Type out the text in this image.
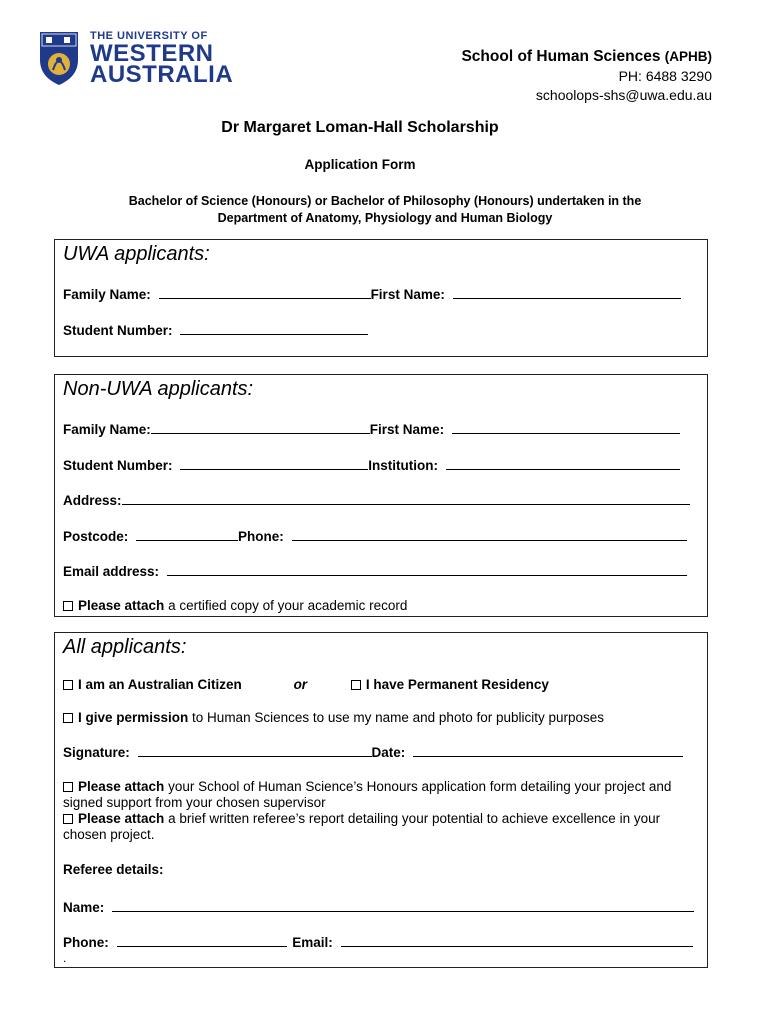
THE UNIVERSITY OF
WESTERN
AUSTRALIA
School of Human Sciences (APHB)
PH: 6488 3290
schoolops-shs@uwa.edu.au
Dr Margaret Loman-Hall Scholarship
Application Form
Bachelor of Science (Honours) or Bachelor of Philosophy (Honours) undertaken in the
Department of Anatomy, Physiology and Human Biology
UWA applicants:
Family Name:	First Name:
Student Number:
Non-UWA applicants:
Family Name:	First Name:
Student Number:	Institution:
Address:
Postcode:	Phone:
Email address:
Please attach a certified copy of your academic record
All applicants:
I am an Australian Citizen	or	I have Permanent Residency
I give permission to Human Sciences to use my name and photo for publicity purposes
Signature:	Date:
Please attach your School of Human Science’s Honours application form detailing your project and signed support from your chosen supervisor
Please attach a brief written referee’s report detailing your potential to achieve excellence in your chosen project.
Referee details:
Name:
Phone:	Email:
.
